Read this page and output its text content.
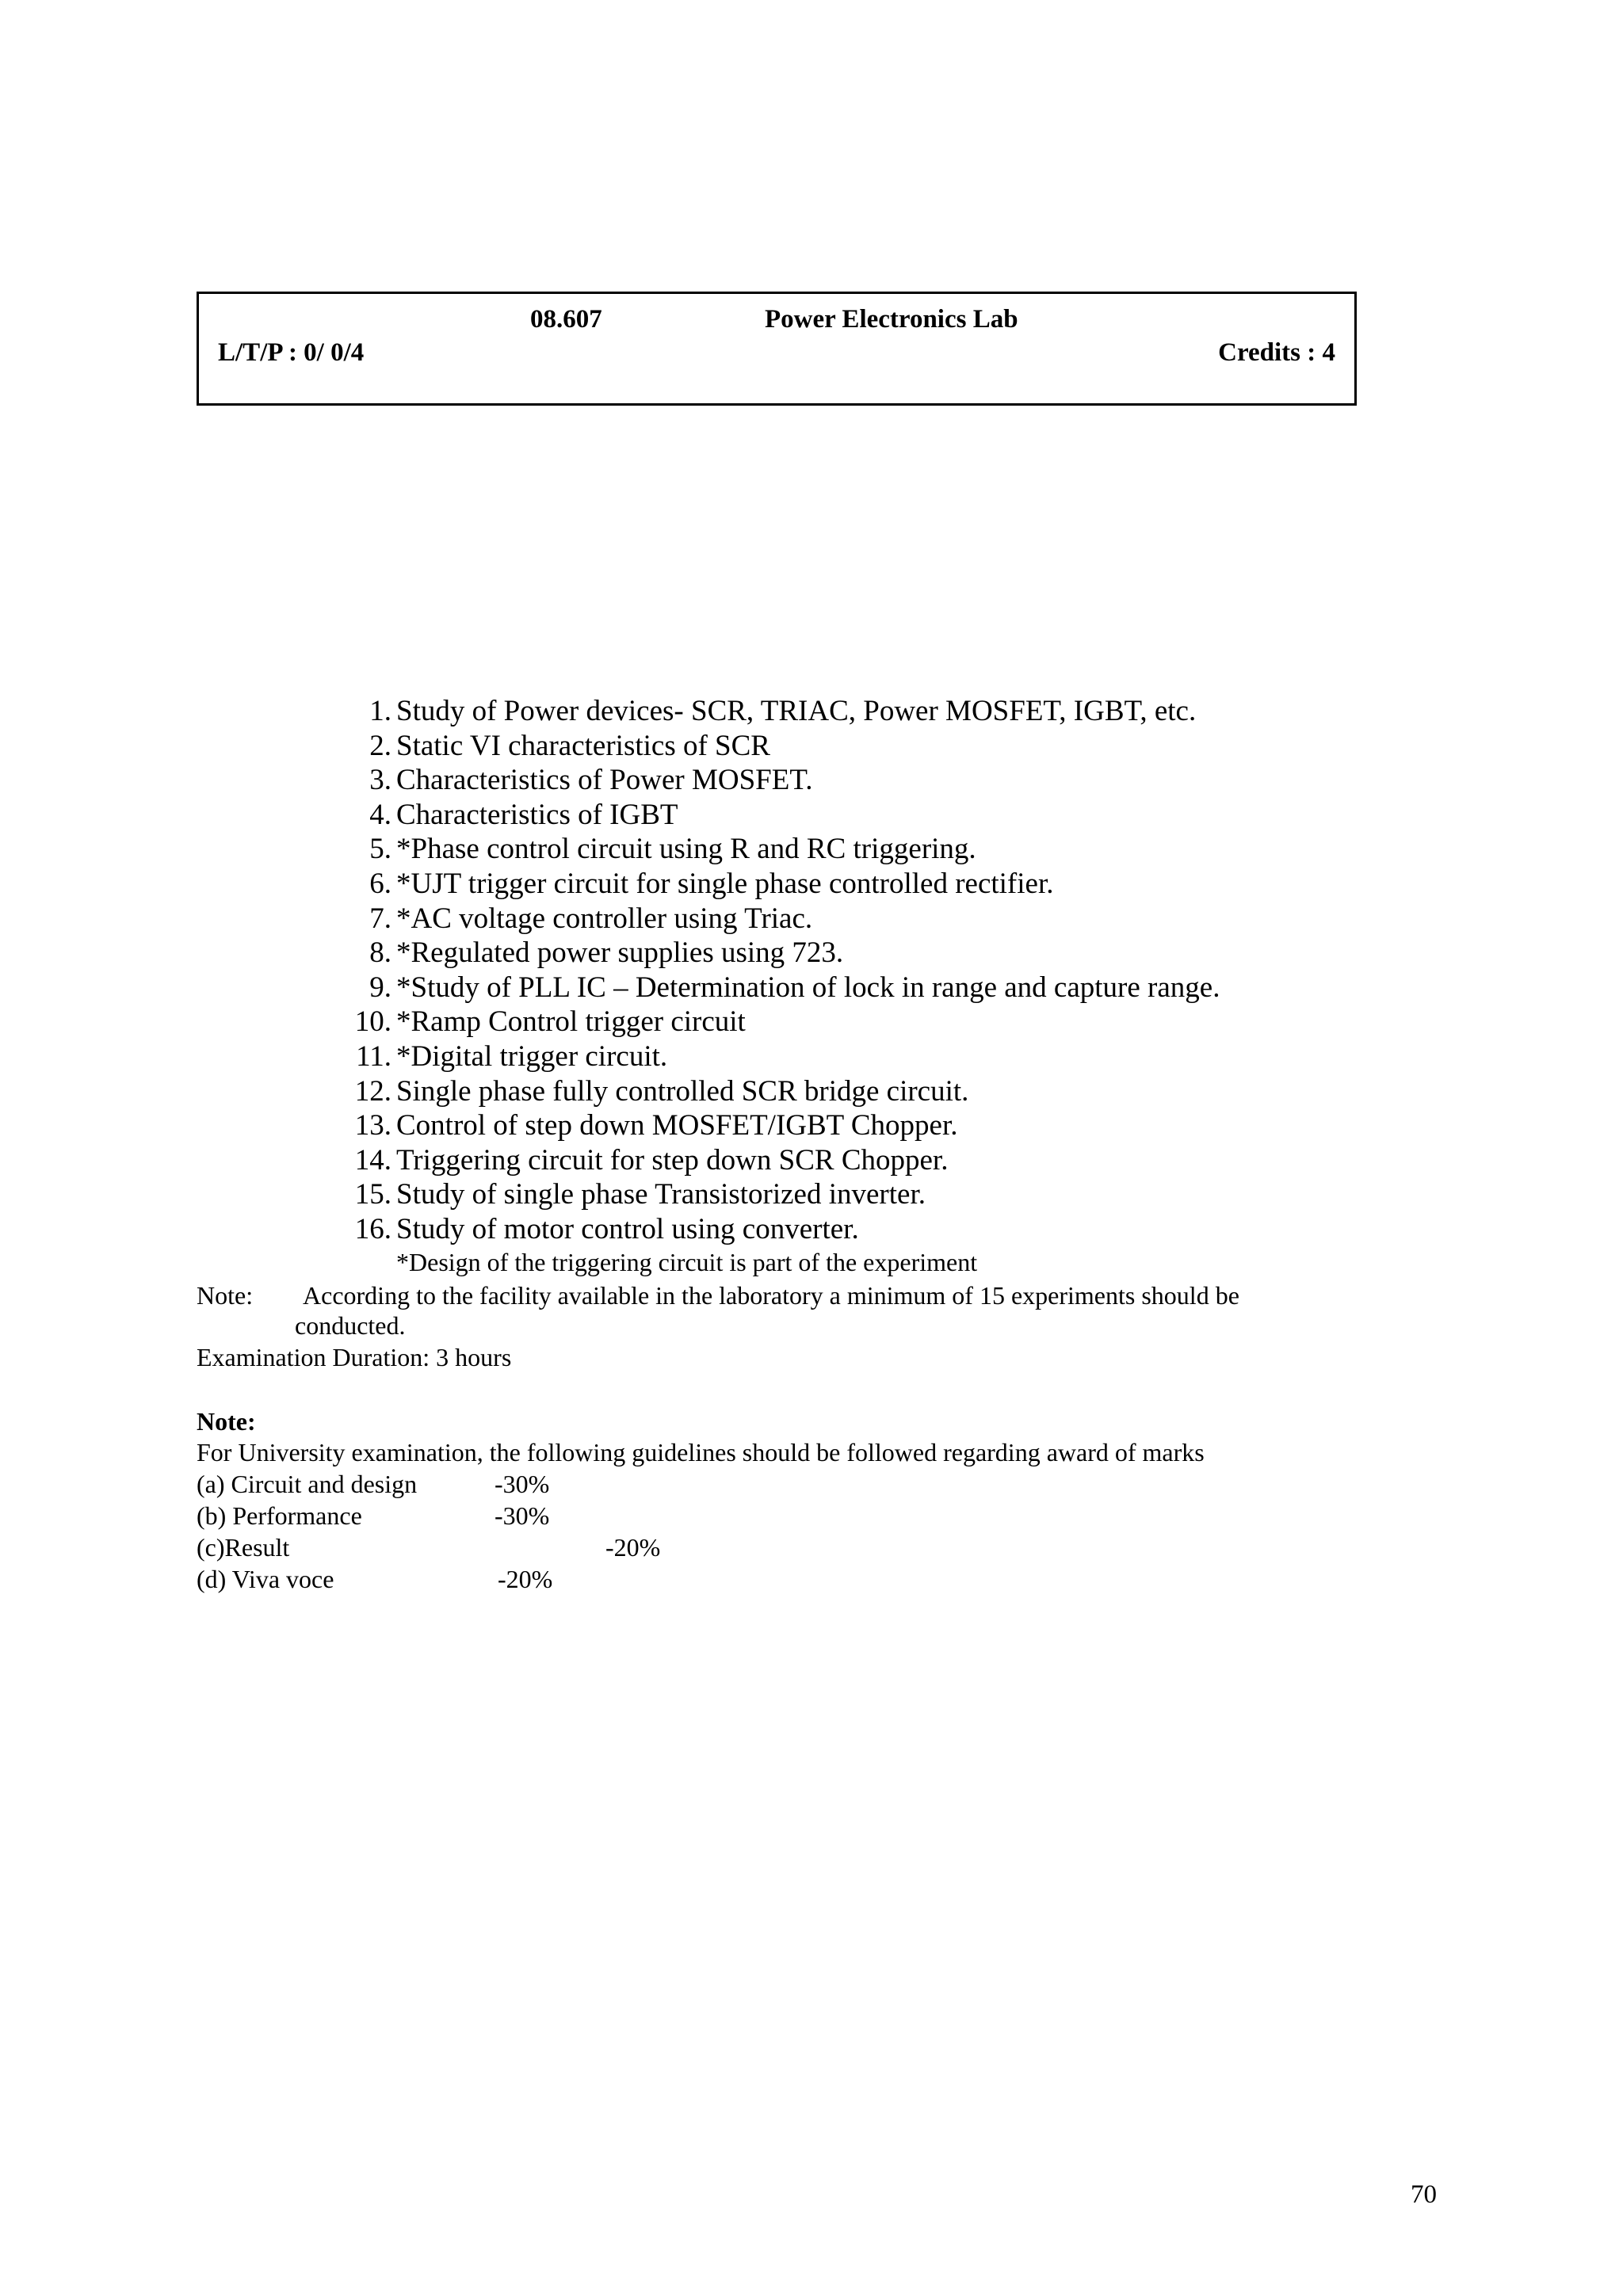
08.607	Power Electronics Lab
L/T/P : 0/ 0/4	Credits : 4
1. Study of Power devices- SCR, TRIAC, Power MOSFET, IGBT, etc.
2. Static VI characteristics of SCR
3. Characteristics of Power MOSFET.
4. Characteristics of IGBT
5. *Phase control circuit using R and RC triggering.
6. *UJT trigger circuit for single phase controlled rectifier.
7. *AC voltage controller using Triac.
8. *Regulated power supplies using 723.
9. *Study of PLL IC – Determination of lock in range and capture range.
10. *Ramp Control trigger circuit
11. *Digital trigger circuit.
12. Single phase fully controlled SCR bridge circuit.
13. Control of step down MOSFET/IGBT Chopper.
14. Triggering circuit for step down SCR Chopper.
15. Study of single phase Transistorized inverter.
16. Study of motor control using converter.
*Design of the triggering circuit is part of the experiment
Note: According to the facility available in the laboratory a minimum of 15 experiments should be
conducted.
Examination Duration: 3 hours
Note:
For University examination, the following guidelines should be followed regarding award of marks
(a) Circuit and design	-30%
(b) Performance	-30%
(c)Result	-20%
(d) Viva voce	-20%
70
